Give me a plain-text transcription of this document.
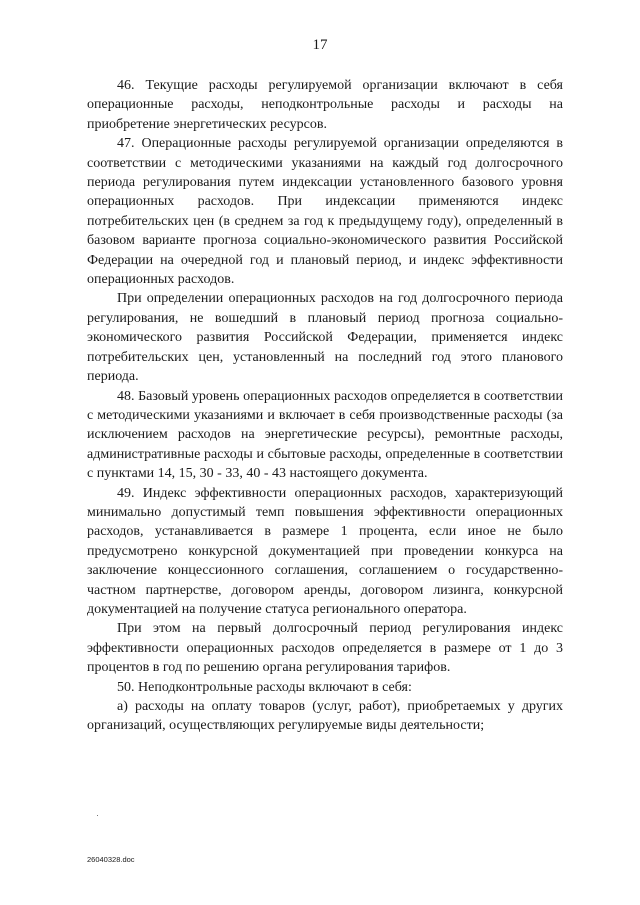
17

46. Текущие расходы регулируемой организации включают в себя операционные расходы, неподконтрольные расходы и расходы на приобретение энергетических ресурсов.

47. Операционные расходы регулируемой организации определяются в соответствии с методическими указаниями на каждый год долгосрочного периода регулирования путем индексации установленного базового уровня операционных расходов. При индексации применяются индекс потребительских цен (в среднем за год к предыдущему году), определенный в базовом варианте прогноза социально-экономического развития Российской Федерации на очередной год и плановый период, и индекс эффективности операционных расходов.

При определении операционных расходов на год долгосрочного периода регулирования, не вошедший в плановый период прогноза социально-экономического развития Российской Федерации, применяется индекс потребительских цен, установленный на последний год этого планового периода.

48. Базовый уровень операционных расходов определяется в соответствии с методическими указаниями и включает в себя производственные расходы (за исключением расходов на энергетические ресурсы), ремонтные расходы, административные расходы и сбытовые расходы, определенные в соответствии с пунктами 14, 15, 30 - 33, 40 - 43 настоящего документа.

49. Индекс эффективности операционных расходов, характеризующий минимально допустимый темп повышения эффективности операционных расходов, устанавливается в размере 1 процента, если иное не было предусмотрено конкурсной документацией при проведении конкурса на заключение концессионного соглашения, соглашением о государственно-частном партнерстве, договором аренды, договором лизинга, конкурсной документацией на получение статуса регионального оператора.

При этом на первый долгосрочный период регулирования индекс эффективности операционных расходов определяется в размере от 1 до 3 процентов в год по решению органа регулирования тарифов.

50. Неподконтрольные расходы включают в себя:

а) расходы на оплату товаров (услуг, работ), приобретаемых у других организаций, осуществляющих регулируемые виды деятельности;

26040328.doc
